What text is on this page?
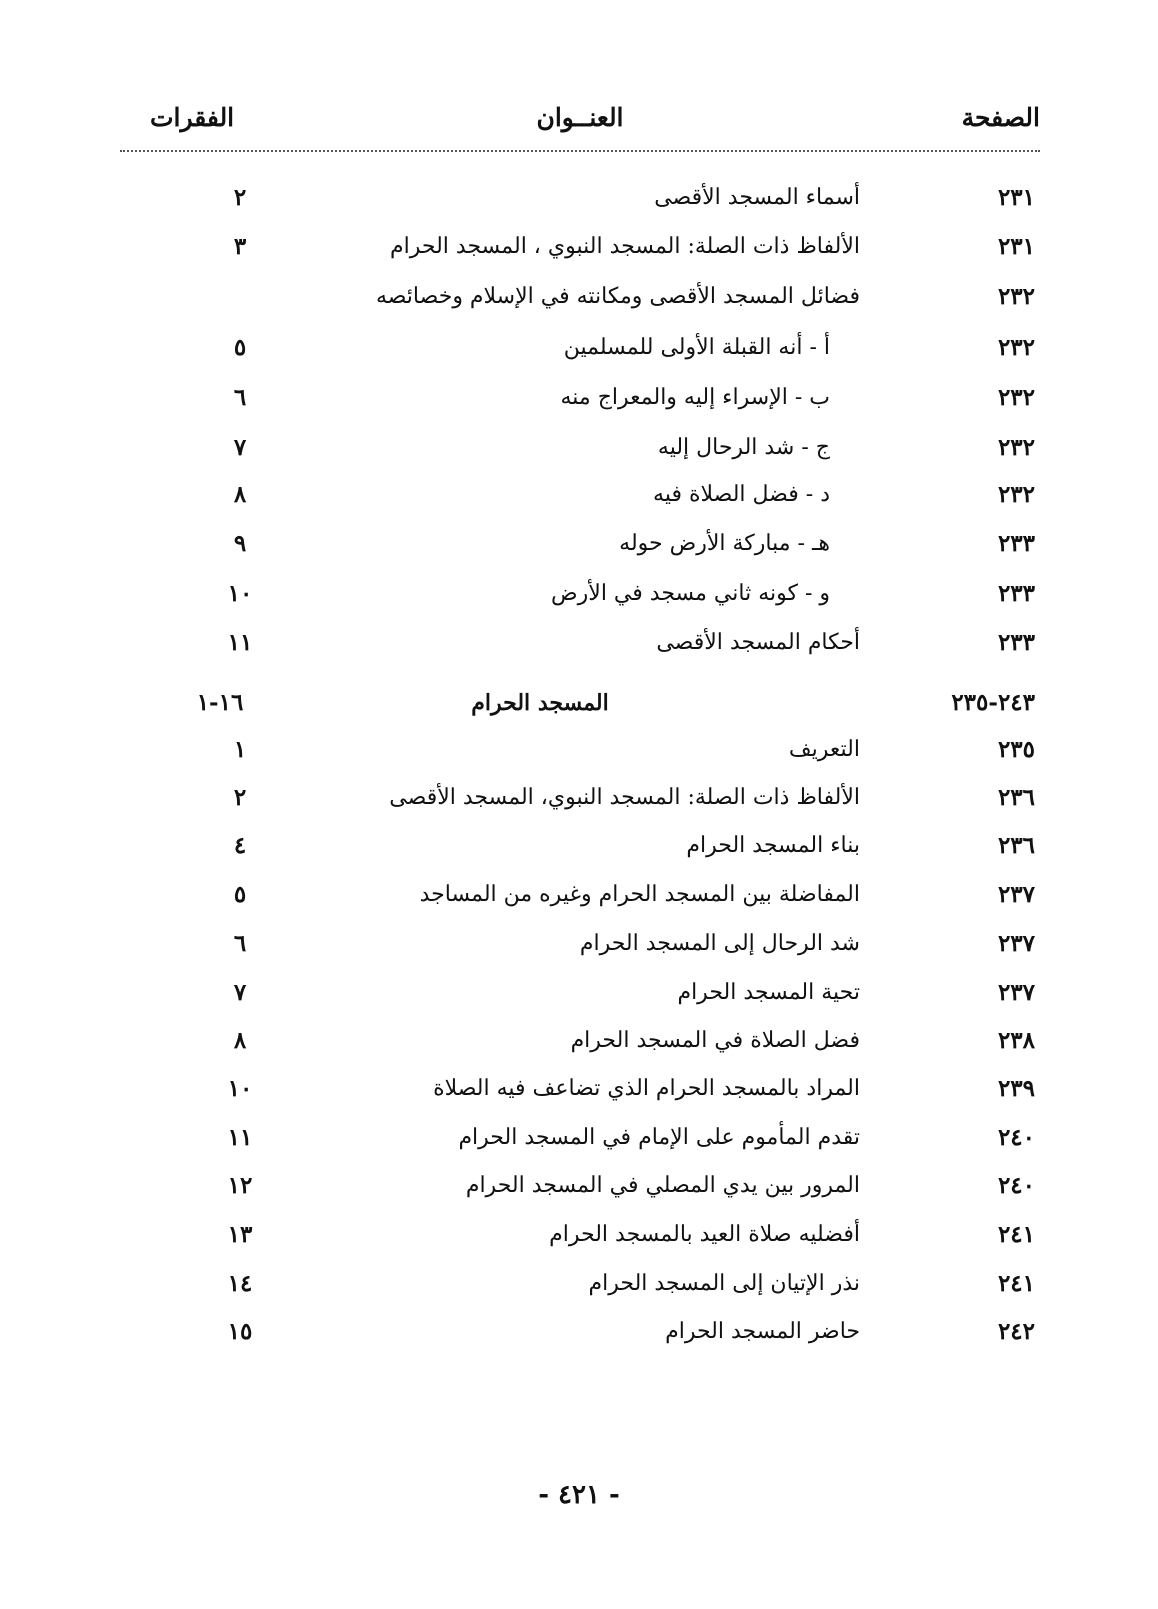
الصفحة
العنــوان
الفقرات
٢٣١
أسماء المسجد الأقصى
٢
٢٣١
الألفاظ ذات الصلة: المسجد النبوي ، المسجد الحرام
٣
٢٣٢
فضائل المسجد الأقصى ومكانته في الإسلام وخصائصه
٢٣٢
أ - أنه القبلة الأولى للمسلمين
٥
٢٣٢
ب - الإسراء إليه والمعراج منه
٦
٢٣٢
ج - شد الرحال إليه
٧
٢٣٢
د - فضل الصلاة فيه
٨
٢٣٣
هـ - مباركة الأرض حوله
٩
٢٣٣
و - كونه ثاني مسجد في الأرض
١٠
٢٣٣
أحكام المسجد الأقصى
١١
٢٤٣-٢٣٥
المسجد الحرام
١٦-١
٢٣٥
التعريف
١
٢٣٦
الألفاظ ذات الصلة: المسجد النبوي، المسجد الأقصى
٢
٢٣٦
بناء المسجد الحرام
٤
٢٣٧
المفاضلة بين المسجد الحرام وغيره من المساجد
٥
٢٣٧
شد الرحال إلى المسجد الحرام
٦
٢٣٧
تحية المسجد الحرام
٧
٢٣٨
فضل الصلاة في المسجد الحرام
٨
٢٣٩
المراد بالمسجد الحرام الذي تضاعف فيه الصلاة
١٠
٢٤٠
تقدم المأموم على الإمام في المسجد الحرام
١١
٢٤٠
المرور بين يدي المصلي في المسجد الحرام
١٢
٢٤١
أفضليه صلاة العيد بالمسجد الحرام
١٣
٢٤١
نذر الإتيان إلى المسجد الحرام
١٤
٢٤٢
حاضر المسجد الحرام
١٥
- ٤٢١ -
